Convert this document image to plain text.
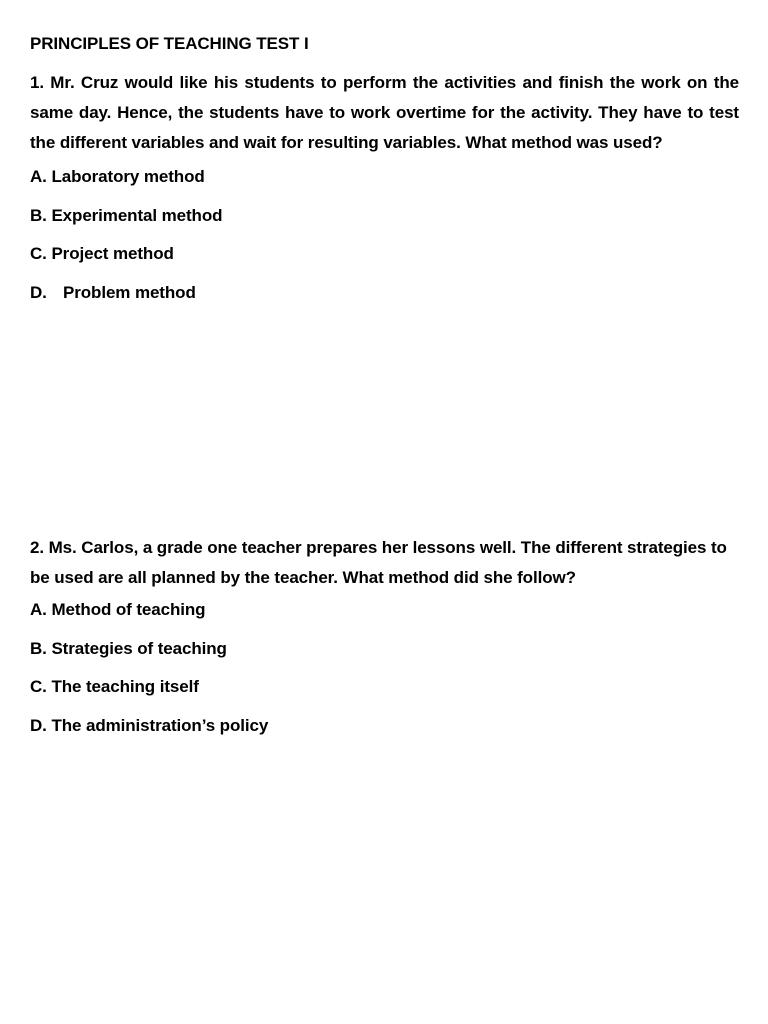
PRINCIPLES OF TEACHING TEST I

1. Mr. Cruz would like his students to perform the activities and finish the work on the same day. Hence, the students have to work overtime for the activity. They have to test the different variables and wait for resulting variables. What method was used?

A. Laboratory method
B. Experimental method
C. Project method
D. Problem method

2. Ms. Carlos, a grade one teacher prepares her lessons well. The different strategies to be used are all planned by the teacher. What method did she follow?

A. Method of teaching
B. Strategies of teaching
C. The teaching itself
D. The administration’s policy
